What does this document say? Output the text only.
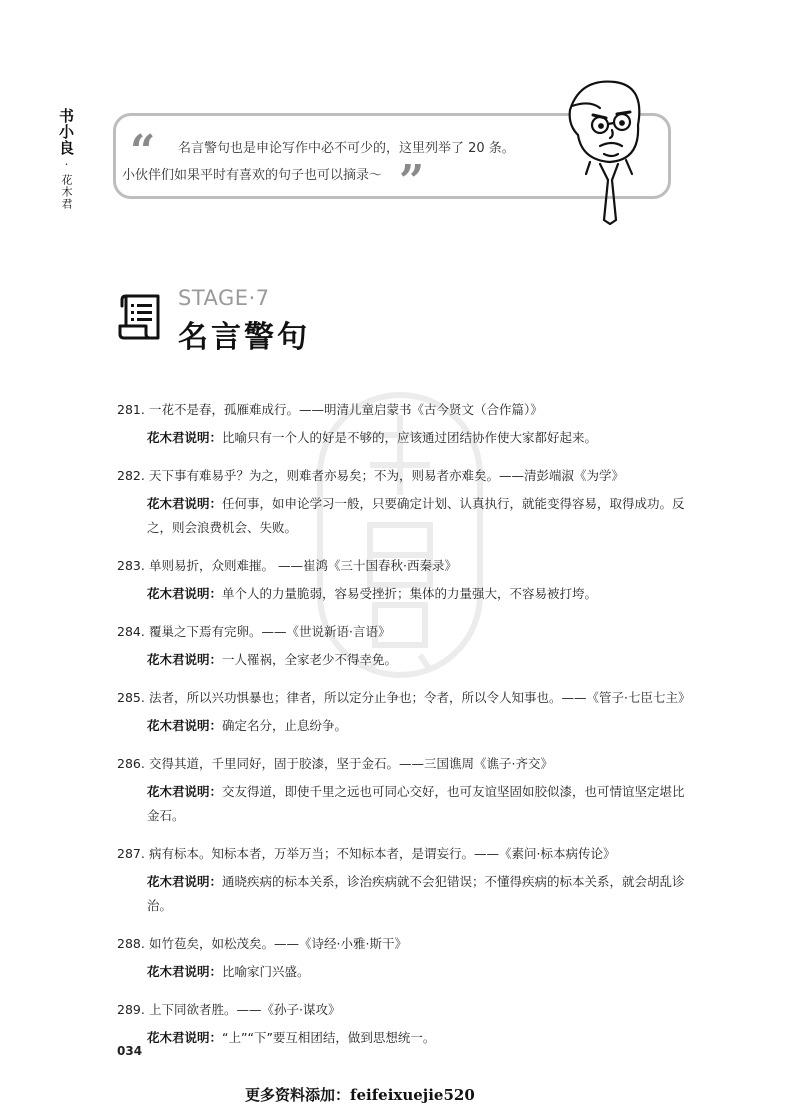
书小良·花木君
“ 名言警句也是申论写作中必不可少的，这里列举了 20 条。
小伙伴们如果平时有喜欢的句子也可以摘录～ ”
STAGE·7
名言警句
281. 一花不是春，孤雁难成行。——明清儿童启蒙书《古今贤文（合作篇）》
花木君说明：比喻只有一个人的好是不够的，应该通过团结协作使大家都好起来。
282. 天下事有难易乎？为之，则难者亦易矣；不为，则易者亦难矣。——清彭端淑《为学》
花木君说明：任何事，如申论学习一般，只要确定计划、认真执行，就能变得容易，取得成功。反之，则会浪费机会、失败。
283. 单则易折，众则难摧。 ——崔鸿《三十国春秋·西秦录》
花木君说明：单个人的力量脆弱，容易受挫折；集体的力量强大，不容易被打垮。
284. 覆巢之下焉有完卵。——《世说新语·言语》
花木君说明：一人罹祸，全家老少不得幸免。
285. 法者，所以兴功惧暴也；律者，所以定分止争也；令者，所以令人知事也。——《管子·七臣七主》
花木君说明：确定名分，止息纷争。
286. 交得其道，千里同好，固于胶漆，坚于金石。——三国谯周《谯子·齐交》
花木君说明：交友得道，即使千里之远也可同心交好，也可友谊坚固如胶似漆，也可情谊坚定堪比金石。
287. 病有标本。知标本者，万举万当；不知标本者，是谓妄行。——《素问·标本病传论》
花木君说明：通晓疾病的标本关系，诊治疾病就不会犯错误；不懂得疾病的标本关系，就会胡乱诊治。
288. 如竹苞矣，如松茂矣。——《诗经·小雅·斯干》
花木君说明：比喻家门兴盛。
289. 上下同欲者胜。——《孙子·谋攻》
花木君说明：“上”“下”要互相团结，做到思想统一。
034
更多资料添加：feifeixuejie520
